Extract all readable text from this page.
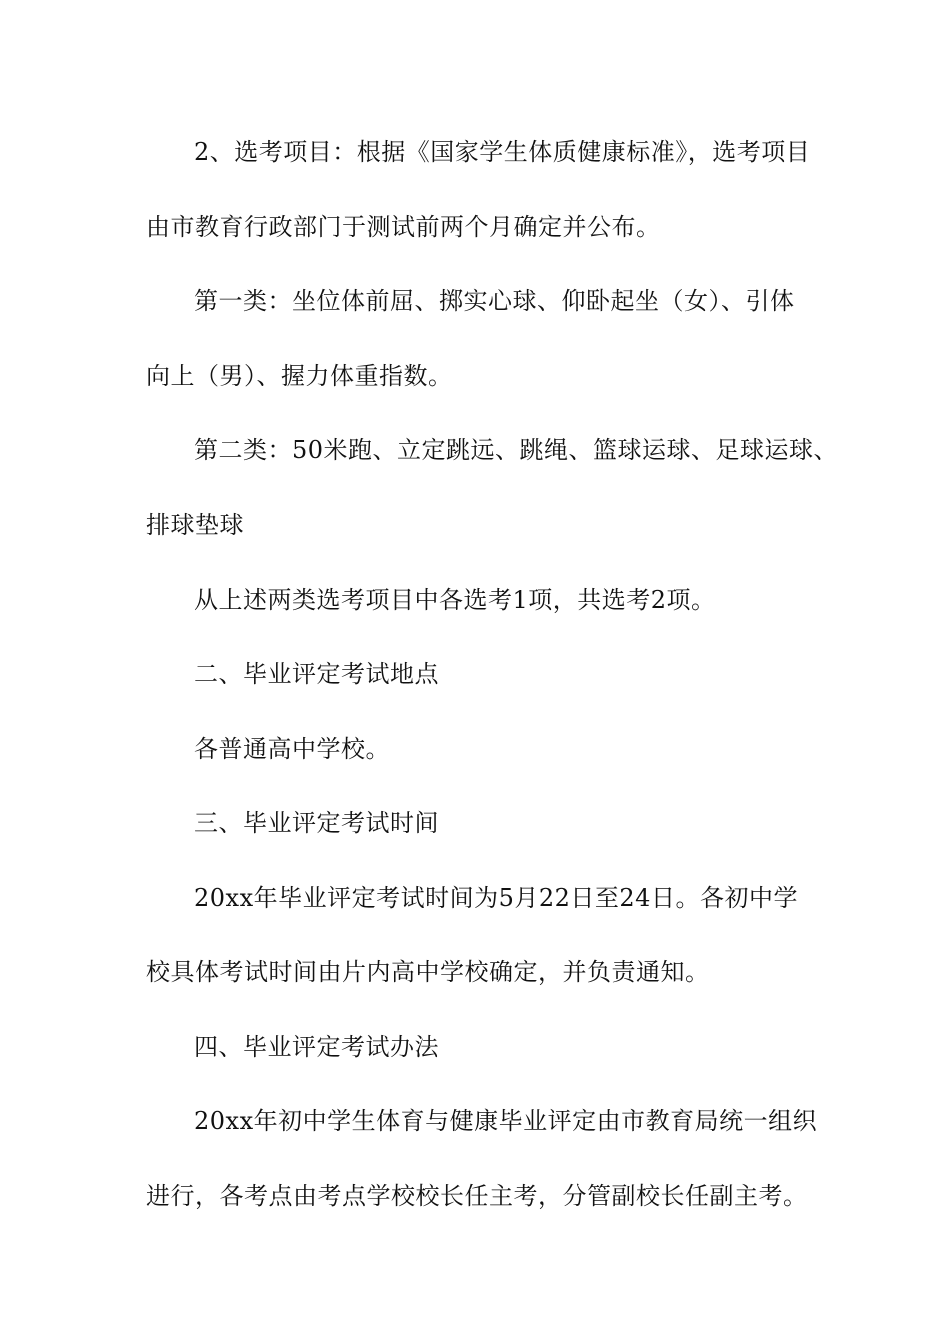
2、选考项目：根据《国家学生体质健康标准》，选考项目
由市教育行政部门于测试前两个月确定并公布。
第一类：坐位体前屈、掷实心球、仰卧起坐（女）、引体
向上（男）、握力体重指数。
第二类：50米跑、立定跳远、跳绳、篮球运球、足球运球、
排球垫球
从上述两类选考项目中各选考1项，共选考2项。
二、毕业评定考试地点
各普通高中学校。
三、毕业评定考试时间
20xx年毕业评定考试时间为5月22日至24日。各初中学
校具体考试时间由片内高中学校确定，并负责通知。
四、毕业评定考试办法
20xx年初中学生体育与健康毕业评定由市教育局统一组织
进行，各考点由考点学校校长任主考，分管副校长任副主考。
